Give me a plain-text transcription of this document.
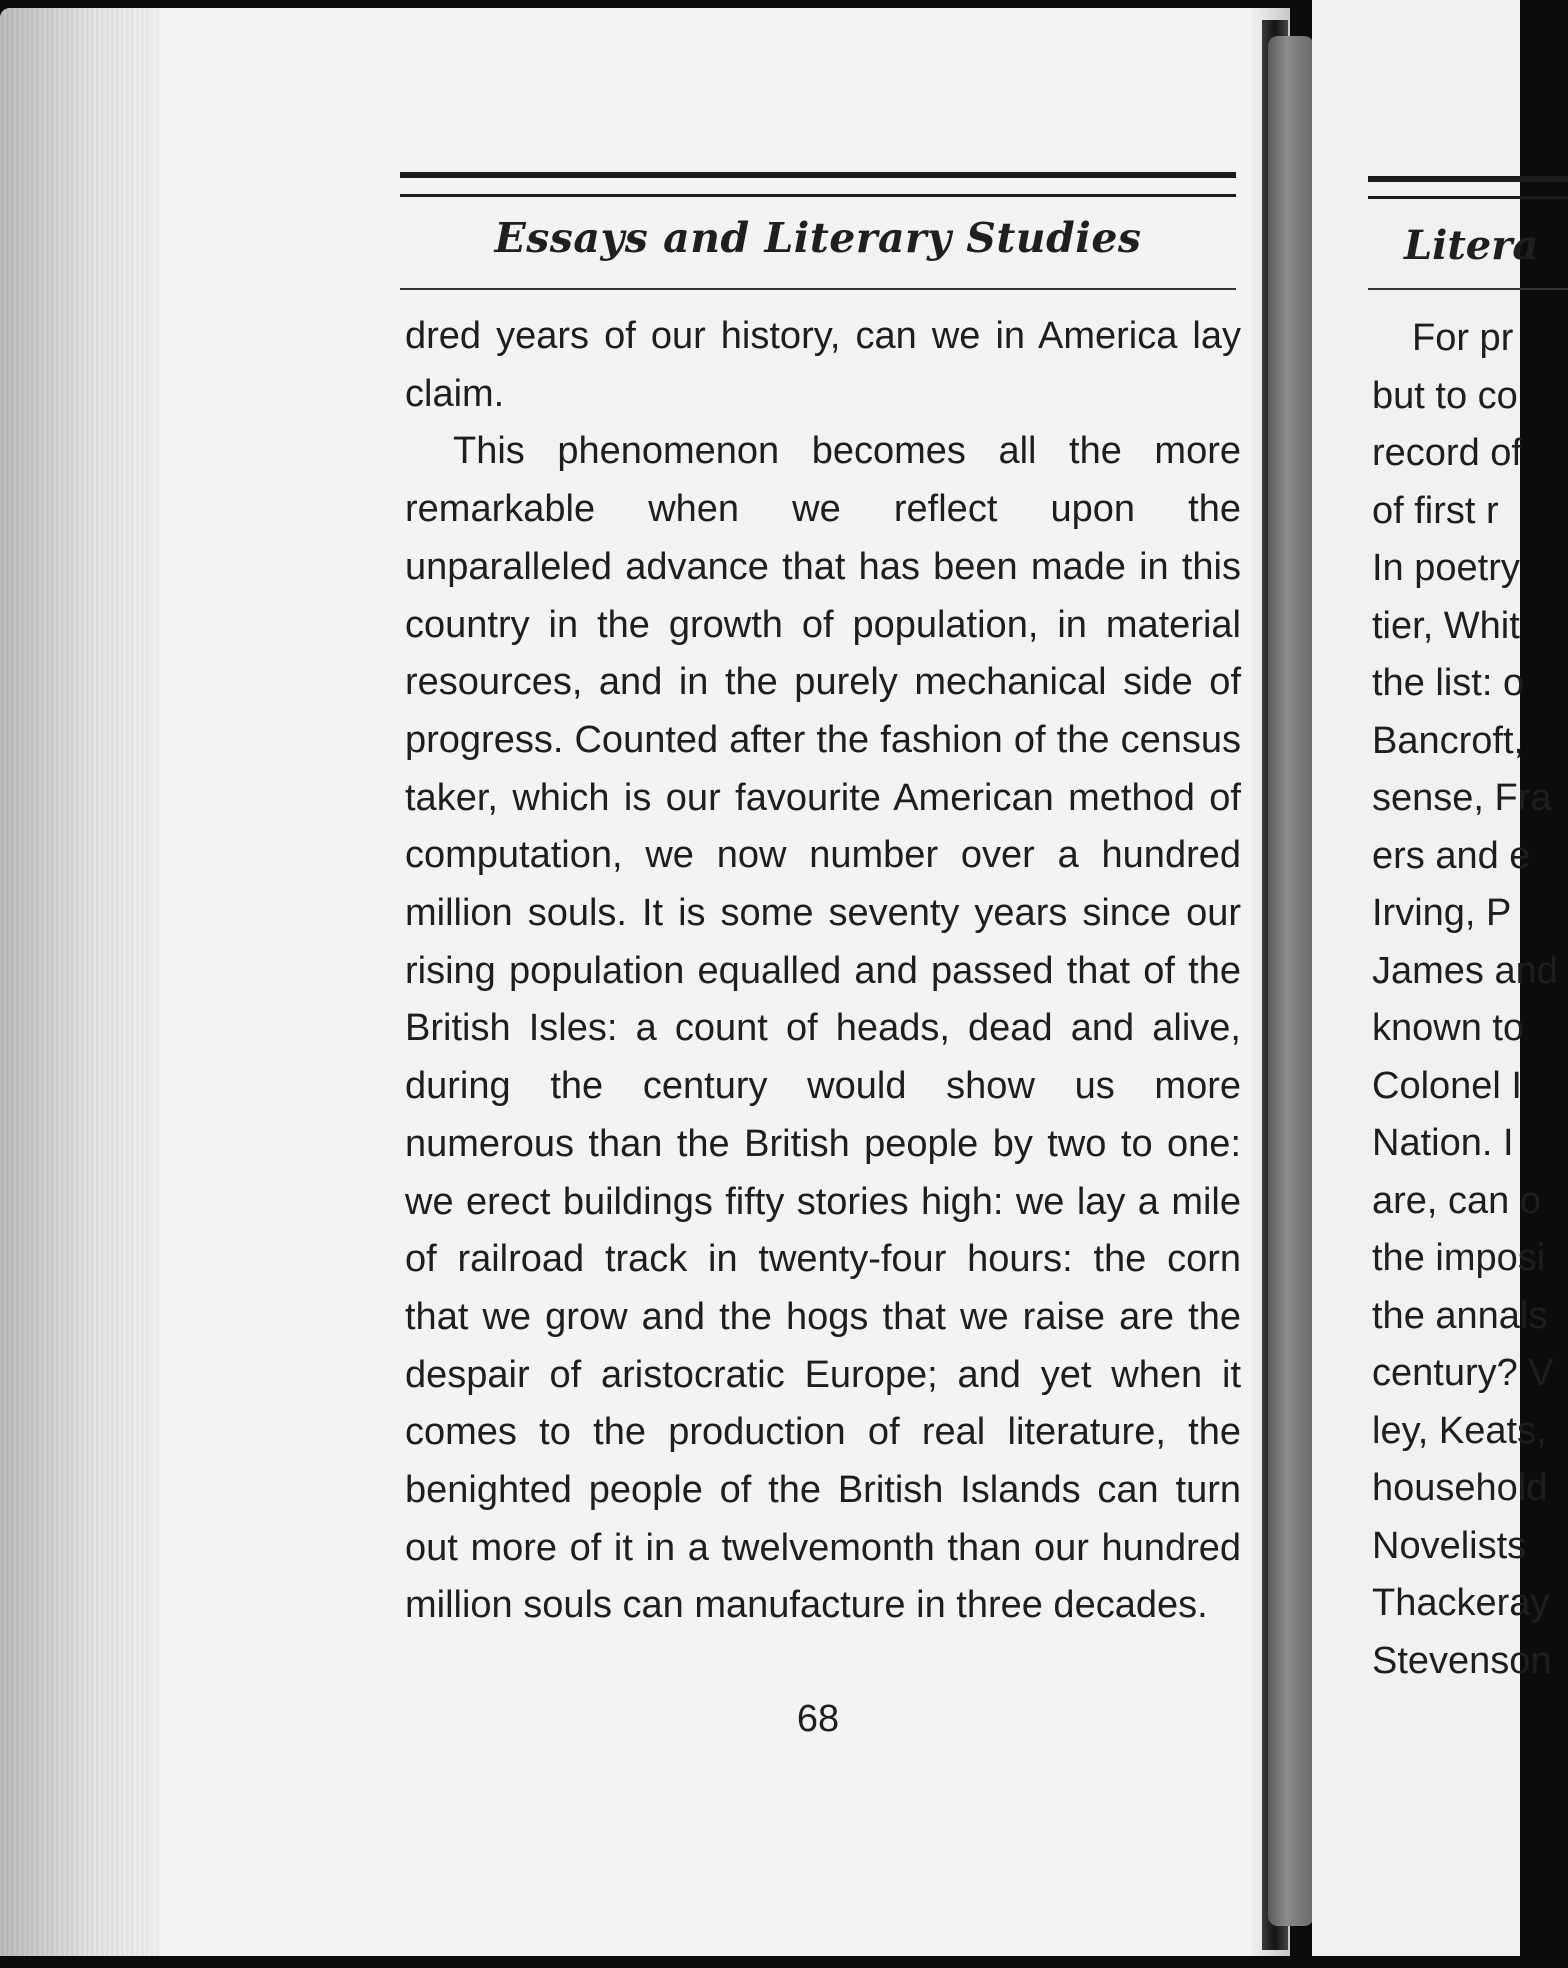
Essays and Literary Studies

dred years of our history, can we in America lay claim.

This phenomenon becomes all the more remarkable when we reflect upon the unparalleled advance that has been made in this country in the growth of population, in material resources, and in the purely mechanical side of progress. Counted after the fashion of the census taker, which is our favourite American method of computation, we now number over a hundred million souls. It is some seventy years since our rising population equalled and passed that of the British Isles: a count of heads, dead and alive, during the century would show us more numerous than the British people by two to one: we erect buildings fifty stories high: we lay a mile of railroad track in twenty-four hours: the corn that we grow and the hogs that we raise are the despair of aristocratic Europe; and yet when it comes to the production of real literature, the benighted people of the British Islands can turn out more of it in a twelvemonth than our hundred million souls can manufacture in three decades.

68
Litera
For pr
but to co
record of
of first r
In poetry
tier, Whit
the list: o
Bancroft,
sense, Fra
ers and e
Irving, P
James and
known to
Colonel I
Nation. I
are, can o
the imposi
the annals
century? V
ley, Keats,
household
Novelists
Thackeray
Stevenson
